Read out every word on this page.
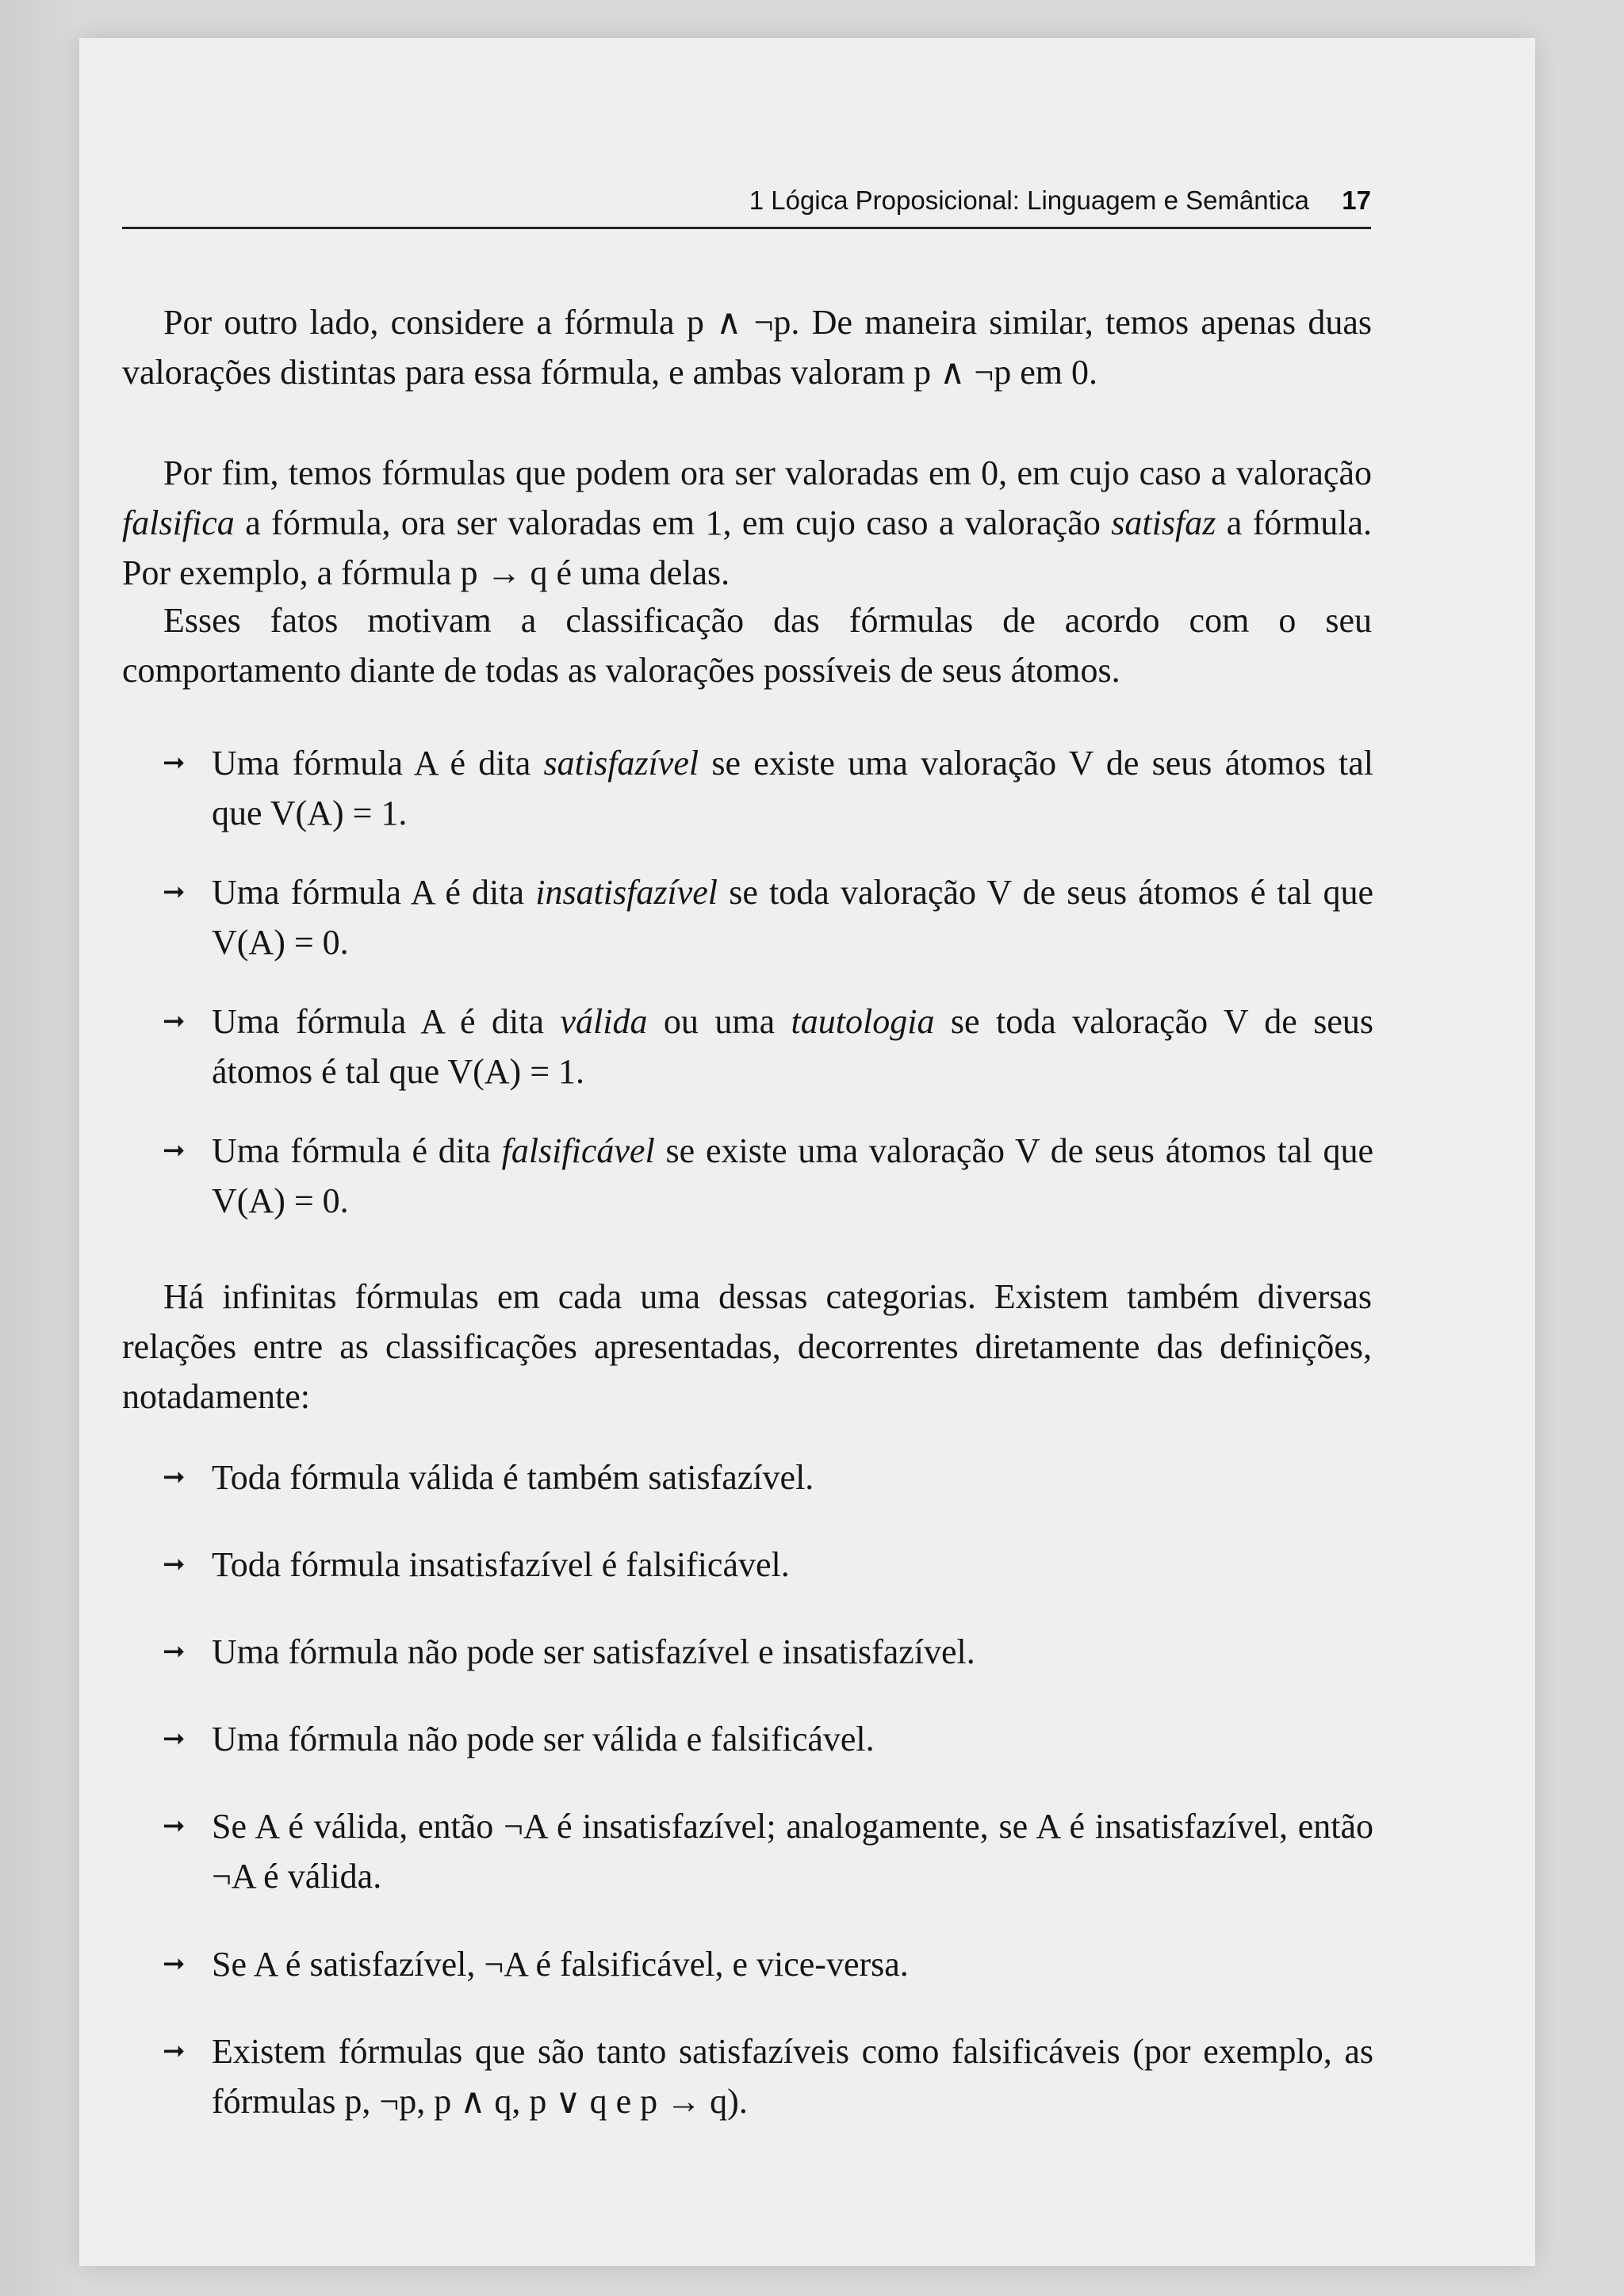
1 Lógica Proposicional: Linguagem e Semântica 17

Por outro lado, considere a fórmula p ∧ ¬p. De maneira similar, temos apenas duas valorações distintas para essa fórmula, e ambas valoram p ∧ ¬p em 0.

Por fim, temos fórmulas que podem ora ser valoradas em 0, em cujo caso a valoração falsifica a fórmula, ora ser valoradas em 1, em cujo caso a valoração satisfaz a fórmula. Por exemplo, a fórmula p → q é uma delas.

Esses fatos motivam a classificação das fórmulas de acordo com o seu comportamento diante de todas as valorações possíveis de seus átomos.

➞ Uma fórmula A é dita satisfazível se existe uma valoração V de seus átomos tal que V(A) = 1.
➞ Uma fórmula A é dita insatisfazível se toda valoração V de seus átomos é tal que V(A) = 0.
➞ Uma fórmula A é dita válida ou uma tautologia se toda valoração V de seus átomos é tal que V(A) = 1.
➞ Uma fórmula é dita falsificável se existe uma valoração V de seus átomos tal que V(A) = 0.

Há infinitas fórmulas em cada uma dessas categorias. Existem também diversas relações entre as classificações apresentadas, decorrentes diretamente das definições, notadamente:

➞ Toda fórmula válida é também satisfazível.
➞ Toda fórmula insatisfazível é falsificável.
➞ Uma fórmula não pode ser satisfazível e insatisfazível.
➞ Uma fórmula não pode ser válida e falsificável.
➞ Se A é válida, então ¬A é insatisfazível; analogamente, se A é insatisfazível, então ¬A é válida.
➞ Se A é satisfazível, ¬A é falsificável, e vice-versa.
➞ Existem fórmulas que são tanto satisfazíveis como falsificáveis (por exemplo, as fórmulas p, ¬p, p ∧ q, p ∨ q e p → q).
